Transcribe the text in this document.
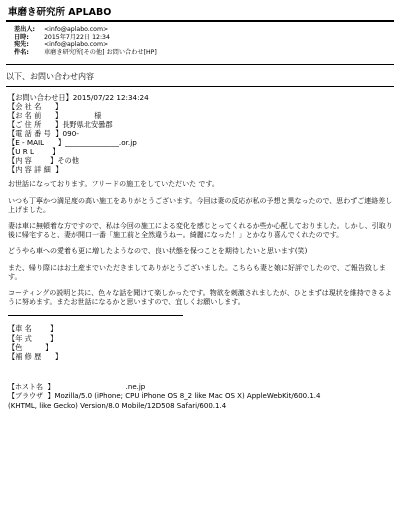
車磨き研究所 APLABO
差出人:	<info@aplabo.com>
日時:	2015年7月22日 12:34
宛先:	<info@aplabo.com>
件名:	車磨き研究所[その他] お問い合わせ[HP]
以下、お問い合わせ内容
【お問い合わせ日】2015/07/22 12:34:24
【会 社 名      】
【お 名 前      】              様
【ご 住 所      】長野県北安曇郡
【電 話 番 号  】090-
【E - MAIL      】_______________.or.jp
【U R L        】
【内 容        】その他
【内 容 詳 細  】

お世話になっております。フリードの施工をしていただいた です。

いつも丁寧かつ満足度の高い施工をありがとうございます。今回は妻の反応が私の予想と異なったので、思わずご連絡差し上げました。

妻は車に無頓着な方ですので、私は今回の施工による変化を感じとってくれるか些か心配しておりました。しかし、引取り後に帰宅すると、妻が開口一番「施工前と全然違うねー。綺麗になった！」とかなり喜んでくれたのです。

どうやら車への愛着も更に増したようなので、良い状態を保つことを期待したいと思います(笑)

また、帰り際にはお土産までいただきましてありがとうございました。こちらも妻と娘に好評でしたので、ご報告致します。

コーティングの説明と共に、色々な話を聞けて楽しかったです。物欲を刺激されましたが、ひとまずは現状を維持できるように努めます。またお世話になるかと思いますので、宜しくお願いします。

【車 名        】
【年 式        】
【色          】
【補 修 歴      】
【ホスト名  】                                .ne.jp
【ブラウザ  】Mozilla/5.0 (iPhone; CPU iPhone OS 8_2 like Mac OS X) AppleWebKit/600.1.4
(KHTML, like Gecko) Version/8.0 Mobile/12D508 Safari/600.1.4
